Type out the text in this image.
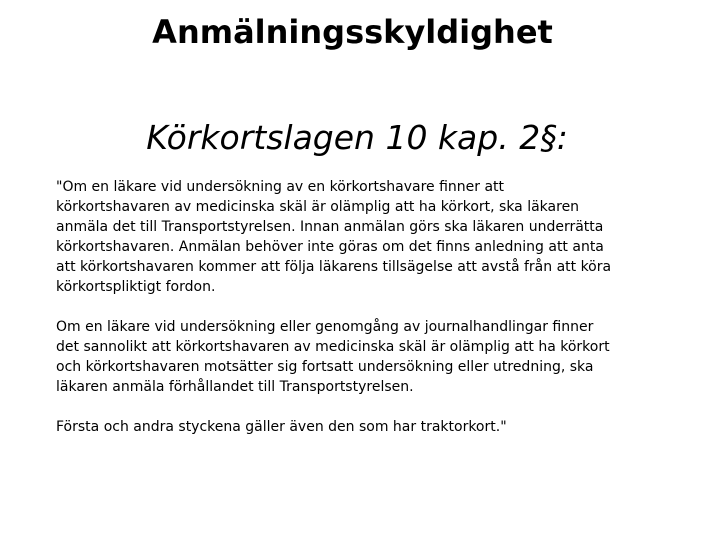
Anmälningsskyldighet
Körkortslagen 10 kap. 2§:

"Om en läkare vid undersökning av en körkortshavare finner att körkortshavaren av medicinska skäl är olämplig att ha körkort, ska läkaren anmäla det till Transportstyrelsen. Innan anmälan görs ska läkaren underrätta körkortshavaren. Anmälan behöver inte göras om det finns anledning att anta att körkortshavaren kommer att följa läkarens tillsägelse att avstå från att köra körkortspliktigt fordon.

Om en läkare vid undersökning eller genomgång av journalhandlingar finner det sannolikt att körkortshavaren av medicinska skäl är olämplig att ha körkort och körkortshavaren motsätter sig fortsatt undersökning eller utredning, ska läkaren anmäla förhållandet till Transportstyrelsen.

Första och andra styckena gäller även den som har traktorkort."
